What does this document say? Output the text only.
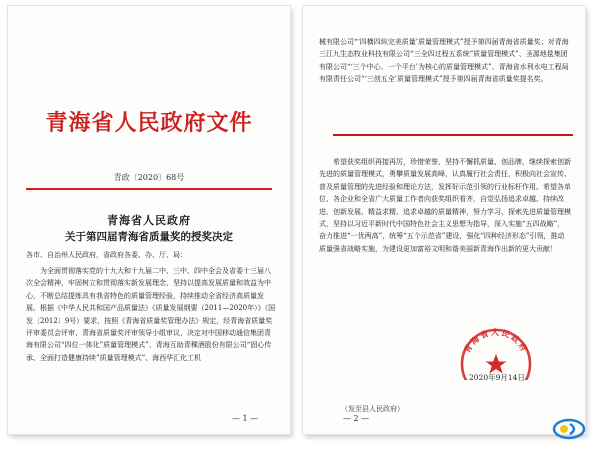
青海省人民政府文件
青政〔2020〕68号
青海省人民政府
关于第四届青海省质量奖的授奖决定

各市、自治州人民政府，省政府各委、办、厅、局：

为全面贯彻落实党的十九大和十九届二中、三中、四中全会及省委十三届八次全会精神，牢固树立和贯彻落实新发展理念，坚持以提高发展质量和效益为中心，不断总结提炼具有我省特色的质量管理经验，持续推动全省经济高质量发展。根据《中华人民共和国产品质量法》《质量发展纲要（2011—2020年）》（国发〔2012〕9号）要求，按照《青海省质量奖管理办法》规定，经青海省质量奖评审委员会评审、青海省质量奖评审领导小组审议，决定对中国移动通信集团青海有限公司“四位一体化”质量管理模式”、青海互助青稞酒股份有限公司“固心传承、全面打造健康持续”质量管理模式”、海西华汇化工机

— 1 —

械有限公司“‘四横四纵完美质量’质量管理模式”授予第四届青海省质量奖；对青海三江九生态牧业科技有限公司“三全四过程五系统”质量管理模式”、圣源地毯集团有限公司“‘三个中心、一个平台’为核心的质量管理模式”、青海省水利水电工程局有限责任公司“‘三创五全’质量管理模式”授予第四届青海省质量奖提名奖。

希望获奖组织再接再厉，珍惜荣誉，坚持不懈抓质量、创品牌，继续探索创新先进的质量管理模式，勇攀质量发展高峰，认真履行社会责任，积极向社会宣传、普及质量管理的先进经验和理论方法，发挥好示范引领的行业标杆作用。希望各单位、各企业和全省广大质量工作者向获奖组织看齐，自觉弘扬追求卓越、持续改进、创新发展、精益求精、追求卓越的质量精神，努力学习、探索先进质量管理模式，坚持以习近平新时代中国特色社会主义思想为指导，深入实施“五四战略”，奋力推进“一优两高”，统筹“五个示范省”建设，强化“四种经济形态”引领，推动质量强省战略实施，为建设更加富裕文明和谐美丽新青海作出新的更大贡献！

青海省人民政府
2020年9月14日
（发至县人民政府）
— 2 —
